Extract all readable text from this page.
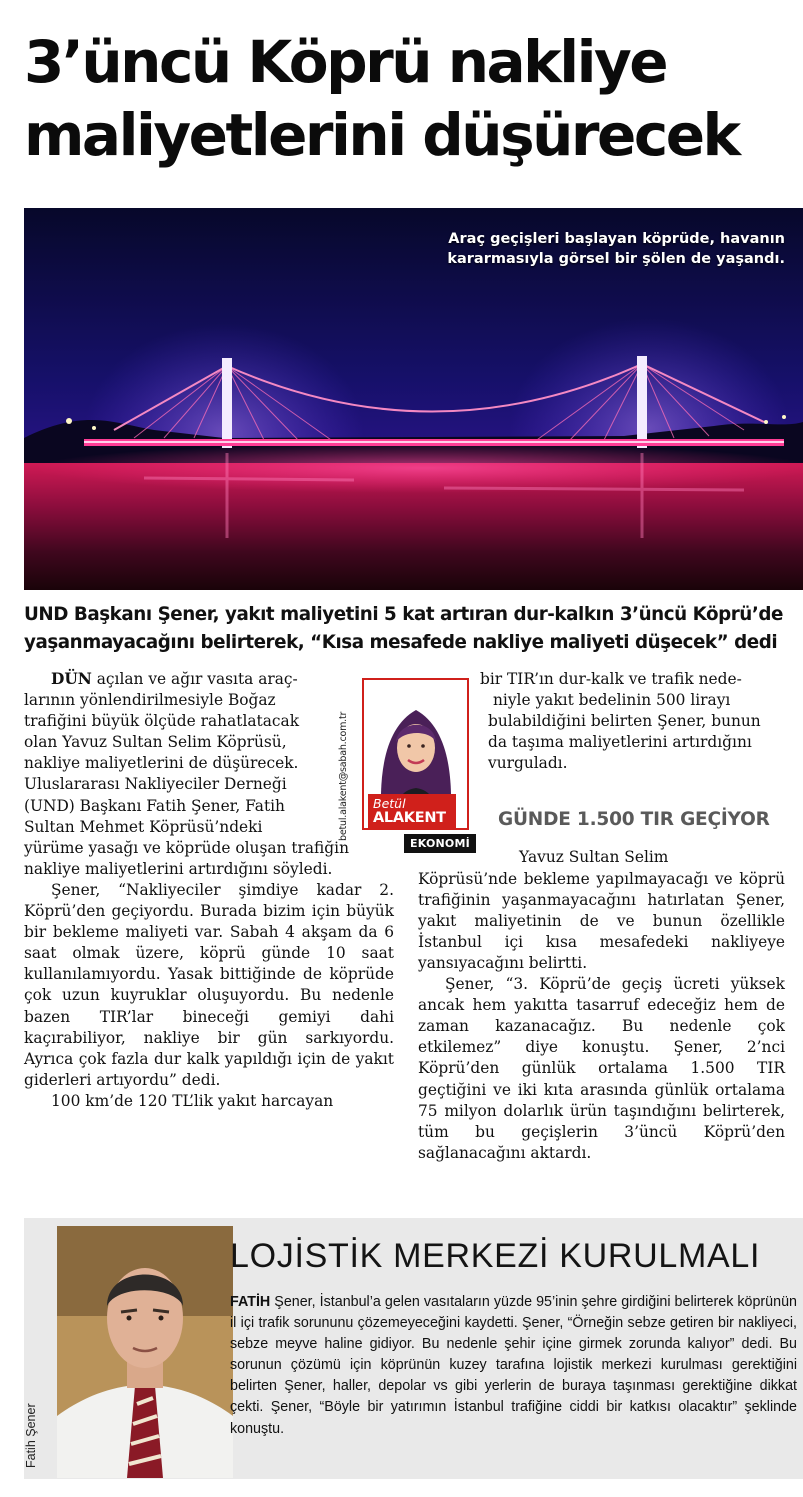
3’üncü Köprü nakliye
maliyetlerini düşürecek
Araç geçişleri başlayan köprüde, havanın kararmasıyla görsel bir şölen de yaşandı.
UND Başkanı Şener, yakıt maliyetini 5 kat artıran dur-kalkın 3’üncü Köprü’de
yaşanmayacağını belirterek, “Kısa mesafede nakliye maliyeti düşecek” dedi
betul.alakent@sabah.com.tr	Betül
ALAKENT
EKONOMİ

DÜN açılan ve ağır vasıta araç-
larının yönlendirilmesiyle Boğaz
trafiğini büyük ölçüde rahatlatacak
olan Yavuz Sultan Selim Köprüsü,
nakliye maliyetlerini de düşürecek.
Uluslararası Nakliyeciler Derneği
(UND) Başkanı Fatih Şener, Fatih
Sultan Mehmet Köprüsü’ndeki
yürüme yasağı ve köprüde oluşan trafiğin
nakliye maliyetlerini artırdığını söyledi.

Şener, “Nakliyeciler şimdiye kadar 2. Köprü’den geçiyordu. Burada bizim için büyük bir bekleme maliyeti var. Sabah 4 akşam da 6 saat olmak üzere, köprü günde 10 saat kullanılamıyordu. Yasak bittiğinde de köprüde çok uzun kuyruklar oluşuyordu. Bu nedenle bazen TIR’lar bineceği gemiyi dahi kaçırabiliyor, nakliye bir gün sarkıyordu. Ayrıca çok fazla dur kalk yapıldığı için de yakıt giderleri artıyordu” dedi.

100 km’de 120 TL’lik yakıt harcayan

bir TIR’ın dur-kalk ve trafik nede-
niyle yakıt bedelinin 500 lirayı
bulabildiğini belirten Şener, bunun
da taşıma maliyetlerini artırdığını
vurguladı.

Yavuz Sultan Selim
Köprüsü’nde bekleme yapılmayacağı ve köprü trafiğinin yaşanmayacağını hatırlatan Şener, yakıt maliyetinin de ve bunun özellikle İstanbul içi kısa mesafedeki nakliyeye yansıyacağını belirtti.

Şener, “3. Köprü’de geçiş ücreti yüksek ancak hem yakıtta tasarruf edeceğiz hem de zaman kazanacağız. Bu nedenle çok etkilemez” diye konuştu. Şener, 2’nci Köprü’den günlük ortalama 1.500 TIR geçtiğini ve iki kıta arasında günlük ortalama 75 milyon dolarlık ürün taşındığını belirterek, tüm bu geçişlerin 3’üncü Köprü’den sağlanacağını aktardı.

GÜNDE 1.500 TIR GEÇİYOR
Fatih Şener
LOJİSTİK MERKEZİ KURULMALI

FATİH Şener, İstanbul’a gelen vasıtaların yüzde 95’inin şehre girdiğini belirterek köprünün il içi trafik sorununu çözemeyeceğini kaydetti. Şener, “Örneğin sebze getiren bir nakliyeci, sebze meyve haline gidiyor. Bu nedenle şehir içine girmek zorunda kalıyor” dedi. Bu sorunun çözümü için köprünün kuzey tarafına lojistik merkezi kurulması gerektiğini belirten Şener, haller, depolar vs gibi yerlerin de buraya taşınması gerektiğine dikkat çekti. Şener, “Böyle bir yatırımın İstanbul trafiğine ciddi bir katkısı olacaktır” şeklinde konuştu.
